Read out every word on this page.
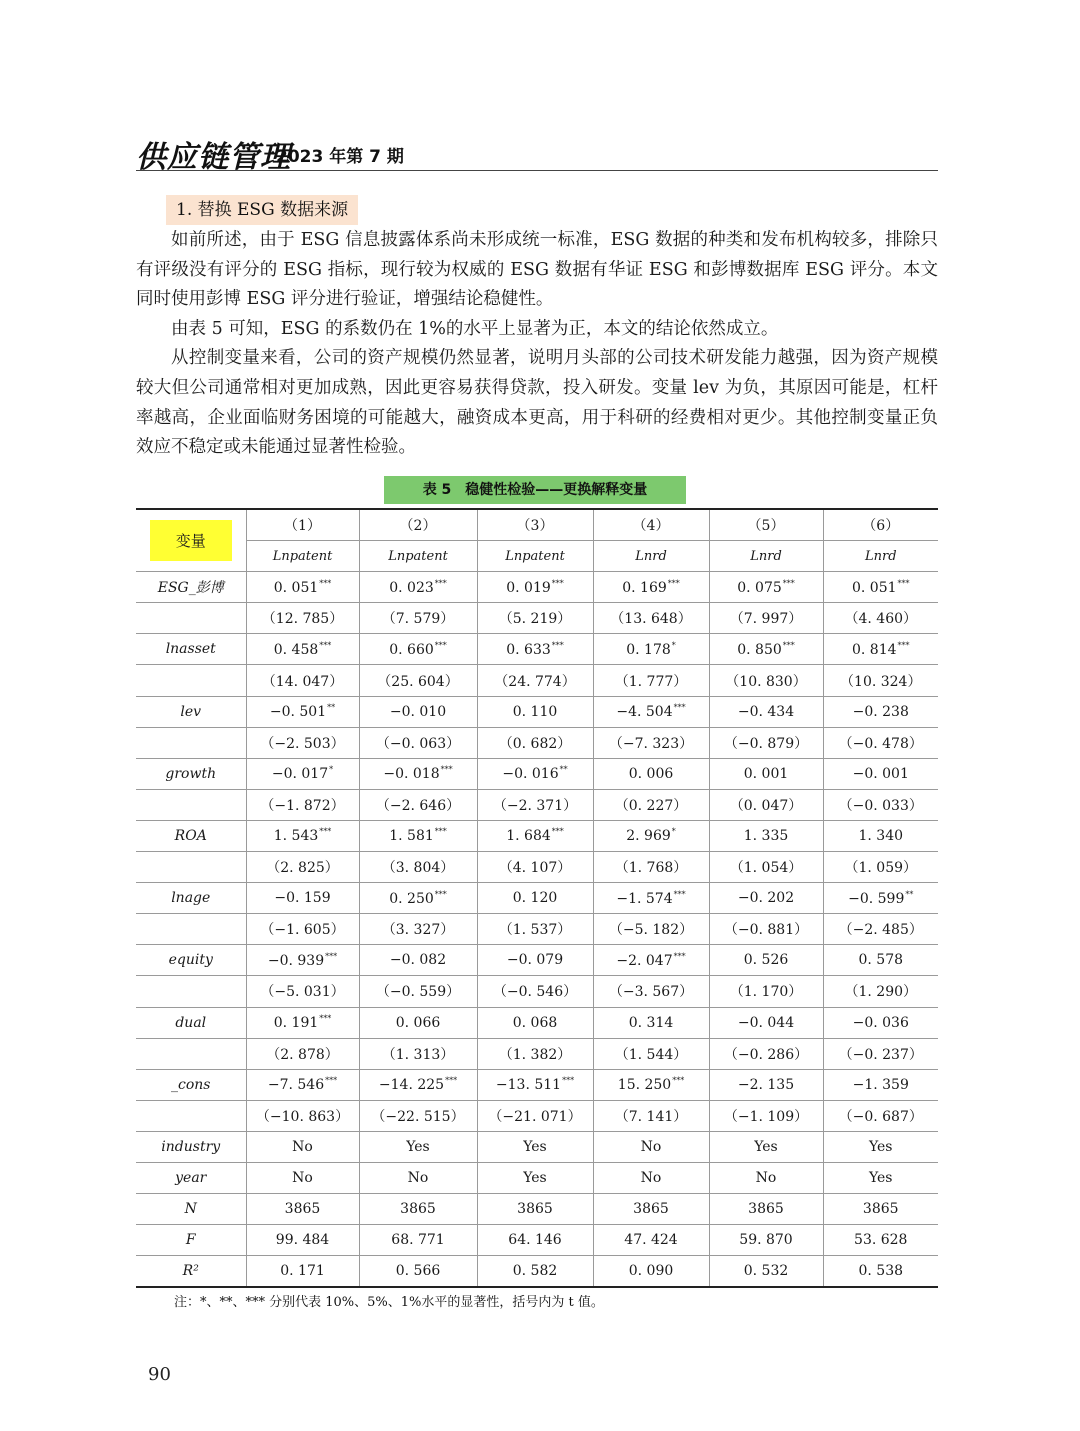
供应链管理
2023 年第 7 期
1. 替换 ESG 数据来源

如前所述，由于 ESG 信息披露体系尚未形成统一标准，ESG 数据的种类和发布机构较多，排除只有评级没有评分的 ESG 指标，现行较为权威的 ESG 数据有华证 ESG 和彭博数据库 ESG 评分。本文同时使用彭博 ESG 评分进行验证，增强结论稳健性。

由表 5 可知，ESG 的系数仍在 1%的水平上显著为正，本文的结论依然成立。

从控制变量来看，公司的资产规模仍然显著，说明月头部的公司技术研发能力越强，因为资产规模较大但公司通常相对更加成熟，因此更容易获得贷款，投入研发。变量 lev 为负，其原因可能是，杠杆率越高，企业面临财务困境的可能越大，融资成本更高，用于科研的经费相对更少。其他控制变量正负效应不稳定或未能通过显著性检验。

表 5　稳健性检验——更换解释变量
变量	（1）	（2）	（3）	（4）	（5）	（6）
	Lnpatent	Lnpatent	Lnpatent	Lnrd	Lnrd	Lnrd
ESG_彭博	0. 051***	0. 023***	0. 019***	0. 169***	0. 075***	0. 051***
	（12. 785）	（7. 579）	（5. 219）	（13. 648）	（7. 997）	（4. 460）
lnasset	0. 458***	0. 660***	0. 633***	0. 178*	0. 850***	0. 814***
	（14. 047）	（25. 604）	（24. 774）	（1. 777）	（10. 830）	（10. 324）
lev	−0. 501**	−0. 010	0. 110	−4. 504***	−0. 434	−0. 238
	（−2. 503）	（−0. 063）	（0. 682）	（−7. 323）	（−0. 879）	（−0. 478）
growth	−0. 017*	−0. 018***	−0. 016**	0. 006	0. 001	−0. 001
	（−1. 872）	（−2. 646）	（−2. 371）	（0. 227）	（0. 047）	（−0. 033）
ROA	1. 543***	1. 581***	1. 684***	2. 969*	1. 335	1. 340
	（2. 825）	（3. 804）	（4. 107）	（1. 768）	（1. 054）	（1. 059）
lnage	−0. 159	0. 250***	0. 120	−1. 574***	−0. 202	−0. 599**
	（−1. 605）	（3. 327）	（1. 537）	（−5. 182）	（−0. 881）	（−2. 485）
equity	−0. 939***	−0. 082	−0. 079	−2. 047***	0. 526	0. 578
	（−5. 031）	（−0. 559）	（−0. 546）	（−3. 567）	（1. 170）	（1. 290）
dual	0. 191***	0. 066	0. 068	0. 314	−0. 044	−0. 036
	（2. 878）	（1. 313）	（1. 382）	（1. 544）	（−0. 286）	（−0. 237）
_cons	−7. 546***	−14. 225***	−13. 511***	15. 250***	−2. 135	−1. 359
	（−10. 863）	（−22. 515）	（−21. 071）	（7. 141）	（−1. 109）	（−0. 687）
industry	No	Yes	Yes	No	Yes	Yes
year	No	No	Yes	No	No	Yes
N	3865	3865	3865	3865	3865	3865
F	99. 484	68. 771	64. 146	47. 424	59. 870	53. 628
R²	0. 171	0. 566	0. 582	0. 090	0. 532	0. 538
注：*、**、*** 分别代表 10%、5%、1%水平的显著性，括号内为 t 值。
90
